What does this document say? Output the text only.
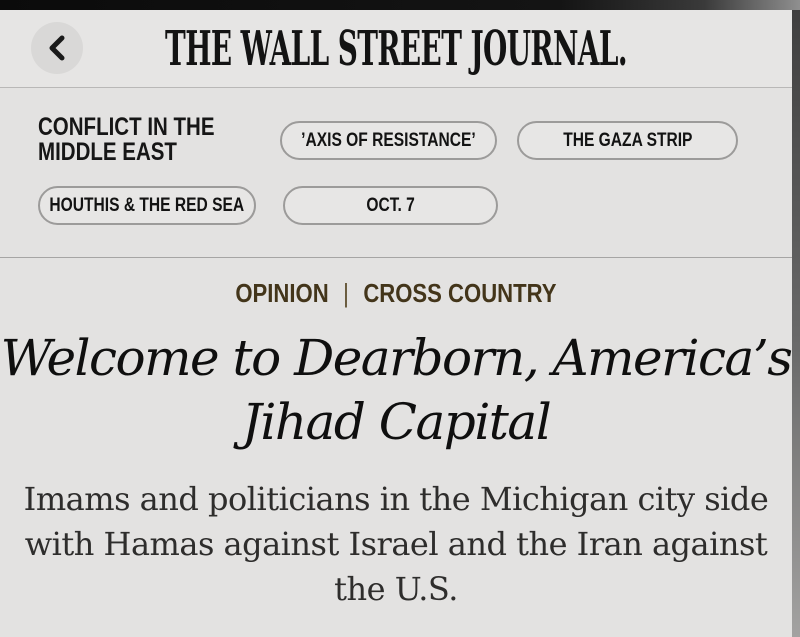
THE WALL STREET JOURNAL.
CONFLICT IN THE
MIDDLE EAST	’AXIS OF RESISTANCE’	THE GAZA STRIP
HOUTHIS & THE RED SEA	OCT. 7
OPINION | CROSS COUNTRY
Welcome to Dearborn, America’s
Jihad Capital

Imams and politicians in the Michigan city side
with Hamas against Israel and the Iran against
the U.S.
